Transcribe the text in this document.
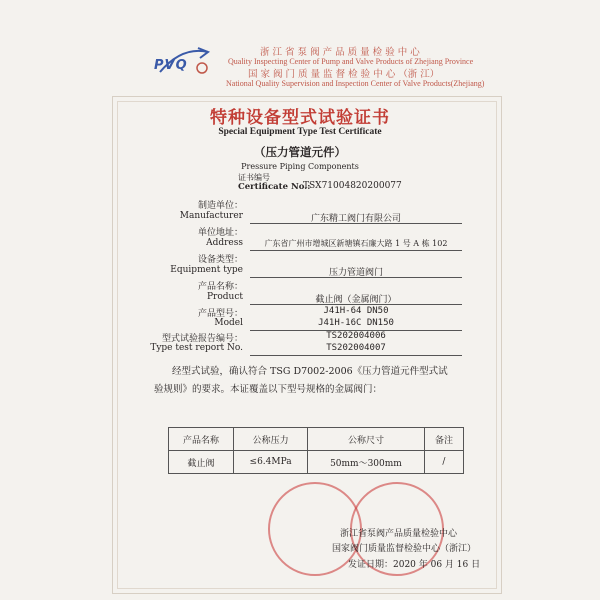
PVQ
浙 江 省 泵 阀 产 品 质 量 检 验 中 心
Quality Inspecting Center of Pump and Valve Products of Zhejiang Province
国 家 阀 门 质 量 监 督 检 验 中 心 （浙 江）
National Quality Supervision and Inspection Center of Valve Products(Zhejiang)
特种设备型式试验证书
Special Equipment Type Test Certificate
（压力管道元件）
Pressure Piping Components
证书编号
Certificate No.:
TSX71004820200077
制造单位：
Manufacturer	广东精工阀门有限公司
单位地址：
Address	广东省广州市增城区新塘镇石廉大路 1 号 A 栋 102
设备类型：
Equipment type	压力管道阀门
产品名称：
Product	截止阀（金属阀门）
产品型号：	J41H-64 DN50
Model	J41H-16C DN150
型式试验报告编号：	TS202004006
Type test report No.	TS202004007
经型式试验，确认符合 TSG D7002-2006《压力管道元件型式试
验规则》的要求。本证覆盖以下型号规格的金属阀门：
产品名称	公称压力	公称尺寸	备注
截止阀	≤6.4MPa	50mm～300mm	/
浙江省泵阀产品质量检验中心
国家阀门质量监督检验中心（浙江）
发证日期：2020 年 06 月 16 日
